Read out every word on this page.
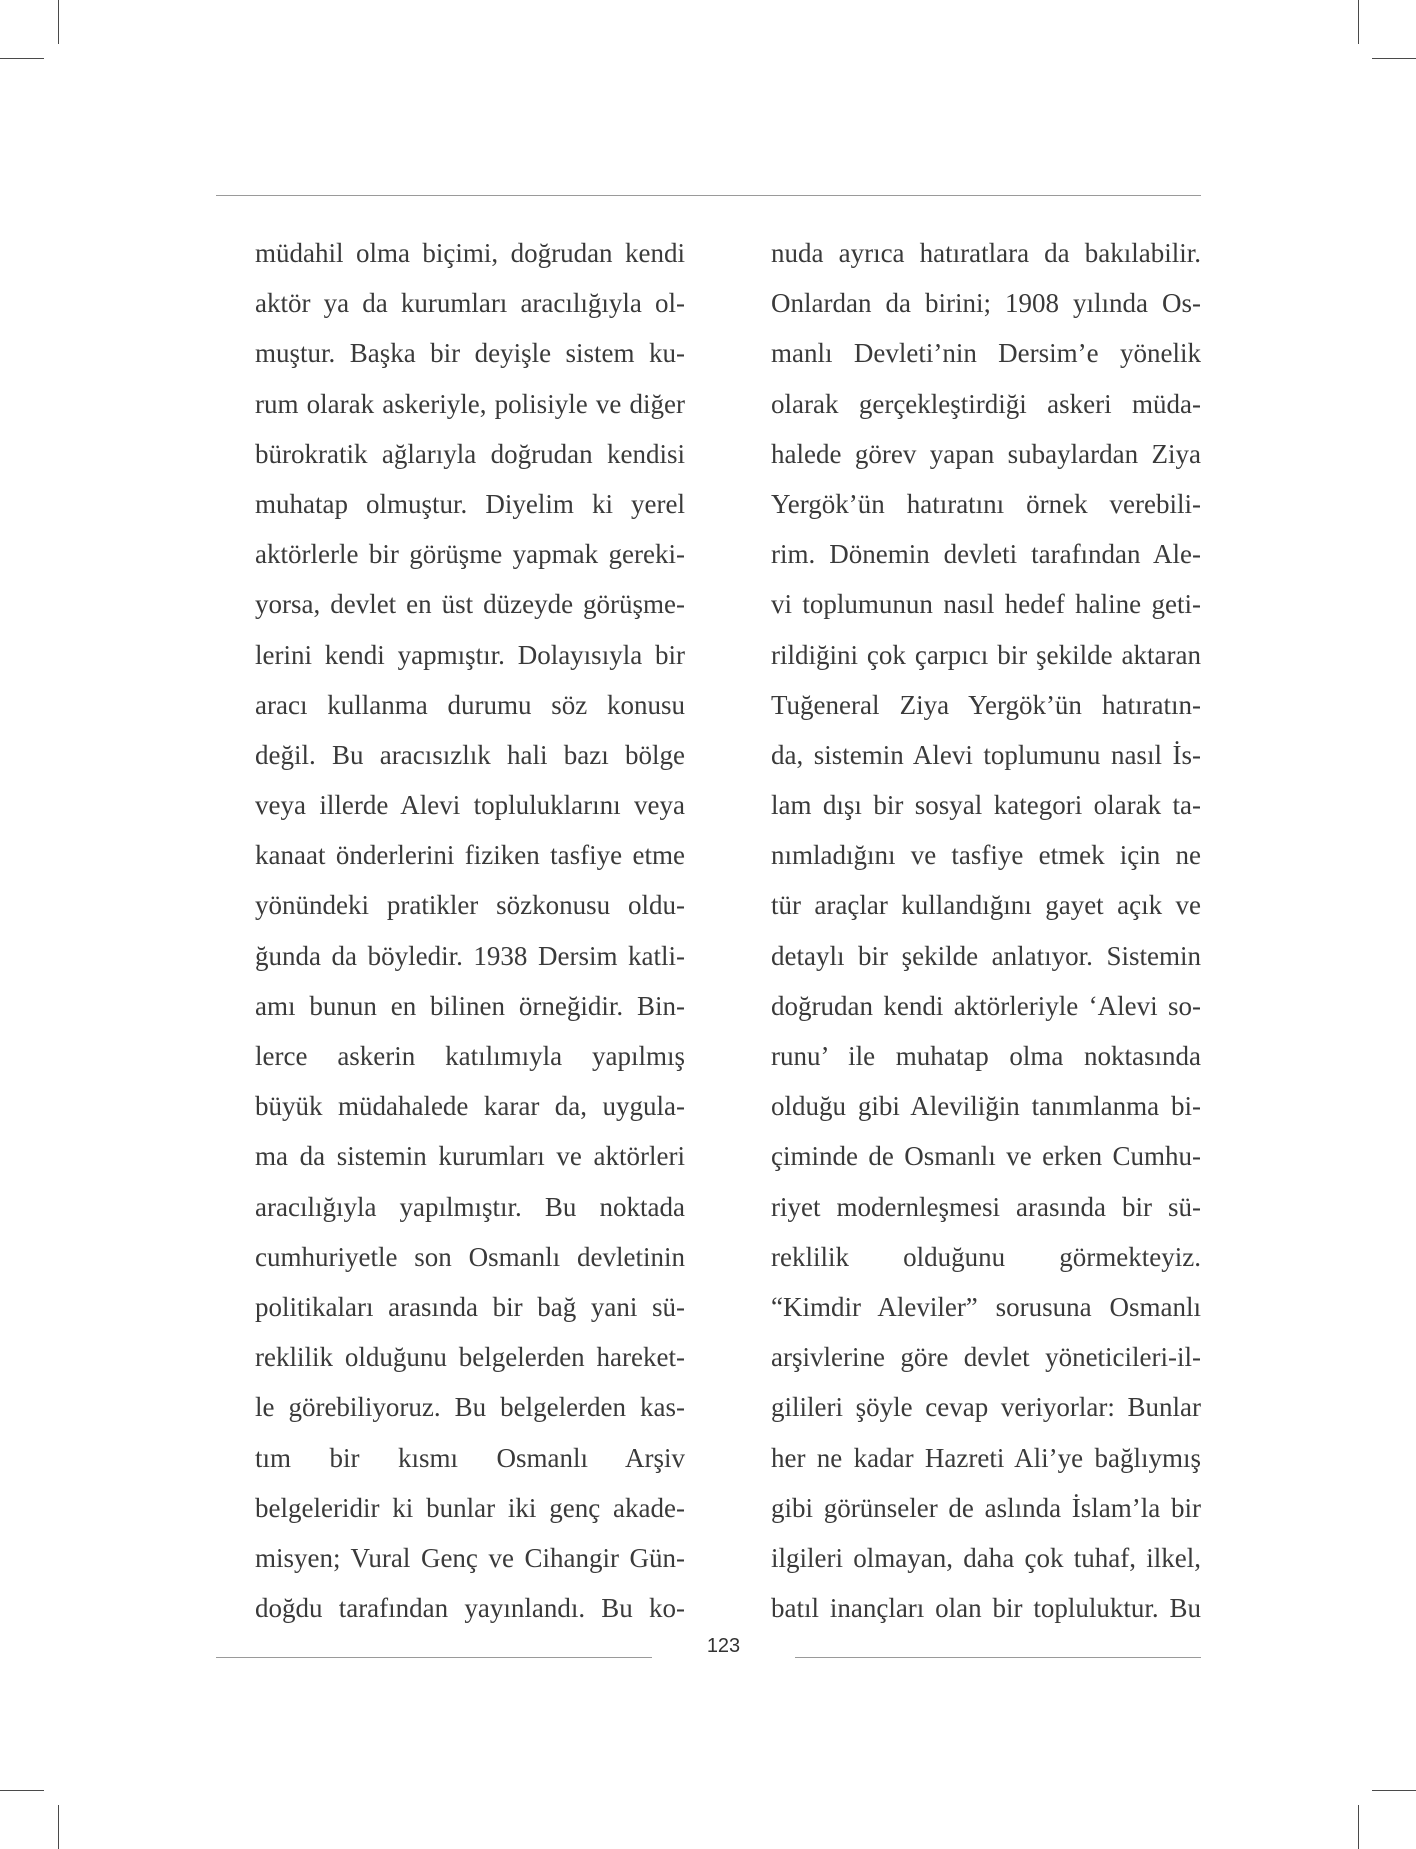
müdahil olma biçimi, doğrudan kendi
aktör ya da kurumları aracılığıyla ol-
muştur. Başka bir deyişle sistem ku-
rum olarak askeriyle, polisiyle ve diğer
bürokratik ağlarıyla doğrudan kendisi
muhatap olmuştur. Diyelim ki yerel
aktörlerle bir görüşme yapmak gereki-
yorsa, devlet en üst düzeyde görüşme-
lerini kendi yapmıştır. Dolayısıyla bir
aracı kullanma durumu söz konusu
değil. Bu aracısızlık hali bazı bölge
veya illerde Alevi topluluklarını veya
kanaat önderlerini fiziken tasfiye etme
yönündeki pratikler sözkonusu oldu-
ğunda da böyledir. 1938 Dersim katli-
amı bunun en bilinen örneğidir. Bin-
lerce askerin katılımıyla yapılmış
büyük müdahalede karar da, uygula-
ma da sistemin kurumları ve aktörleri
aracılığıyla yapılmıştır. Bu noktada
cumhuriyetle son Osmanlı devletinin
politikaları arasında bir bağ yani sü-
reklilik olduğunu belgelerden hareket-
le görebiliyoruz. Bu belgelerden kas-
tım bir kısmı Osmanlı Arşiv
belgeleridir ki bunlar iki genç akade-
misyen; Vural Genç ve Cihangir Gün-
doğdu tarafından yayınlandı. Bu ko-
nuda ayrıca hatıratlara da bakılabilir.
Onlardan da birini; 1908 yılında Os-
manlı Devleti’nin Dersim’e yönelik
olarak gerçekleştirdiği askeri müda-
halede görev yapan subaylardan Ziya
Yergök’ün hatıratını örnek verebili-
rim. Dönemin devleti tarafından Ale-
vi toplumunun nasıl hedef haline geti-
rildiğini çok çarpıcı bir şekilde aktaran
Tuğeneral Ziya Yergök’ün hatıratın-
da, sistemin Alevi toplumunu nasıl İs-
lam dışı bir sosyal kategori olarak ta-
nımladığını ve tasfiye etmek için ne
tür araçlar kullandığını gayet açık ve
detaylı bir şekilde anlatıyor. Sistemin
doğrudan kendi aktörleriyle ‘Alevi so-
runu’ ile muhatap olma noktasında
olduğu gibi Aleviliğin tanımlanma bi-
çiminde de Osmanlı ve erken Cumhu-
riyet modernleşmesi arasında bir sü-
reklilik olduğunu görmekteyiz.
“Kimdir Aleviler” sorusuna Osmanlı
arşivlerine göre devlet yöneticileri-il-
gilileri şöyle cevap veriyorlar: Bunlar
her ne kadar Hazreti Ali’ye bağlıymış
gibi görünseler de aslında İslam’la bir
ilgileri olmayan, daha çok tuhaf, ilkel,
batıl inançları olan bir topluluktur. Bu
123
